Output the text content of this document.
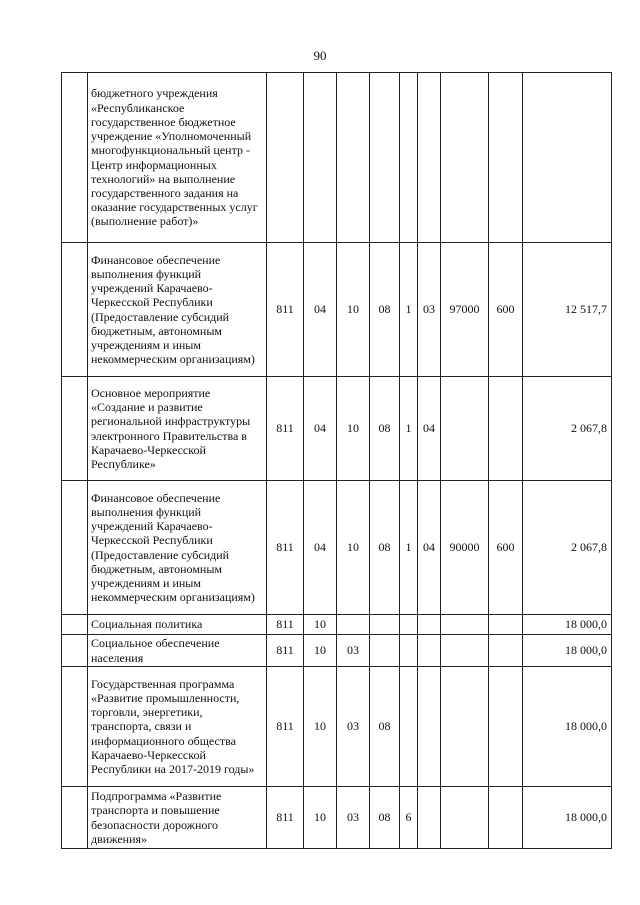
90
	бюджетного учреждения «Республиканское государственное бюджетное учреждение «Уполномоченный многофункциональный центр - Центр информационных технологий» на выполнение государственного задания на оказание государственных услуг (выполнение работ)»									
	Финансовое обеспечение выполнения функций учреждений Карачаево-Черкесской Республики (Предоставление субсидий бюджетным, автономным учреждениям и иным некоммерческим организациям)	811	04	10	08	1	03	97000	600	12 517,7
	Основное мероприятие «Создание и развитие региональной инфраструктуры электронного Правительства в Карачаево-Черкесской Республике»	811	04	10	08	1	04			2 067,8
	Финансовое обеспечение выполнения функций учреждений Карачаево-Черкесской Республики (Предоставление субсидий бюджетным, автономным учреждениям и иным некоммерческим организациям)	811	04	10	08	1	04	90000	600	2 067,8
	Социальная политика	811	10							18 000,0
	Социальное обеспечение населения	811	10	03						18 000,0
	Государственная программа «Развитие промышленности, торговли, энергетики, транспорта, связи и информационного общества Карачаево-Черкесской Республики на 2017-2019 годы»	811	10	03	08					18 000,0
	Подпрограмма «Развитие транспорта и повышение безопасности дорожного движения»	811	10	03	08	6				18 000,0
